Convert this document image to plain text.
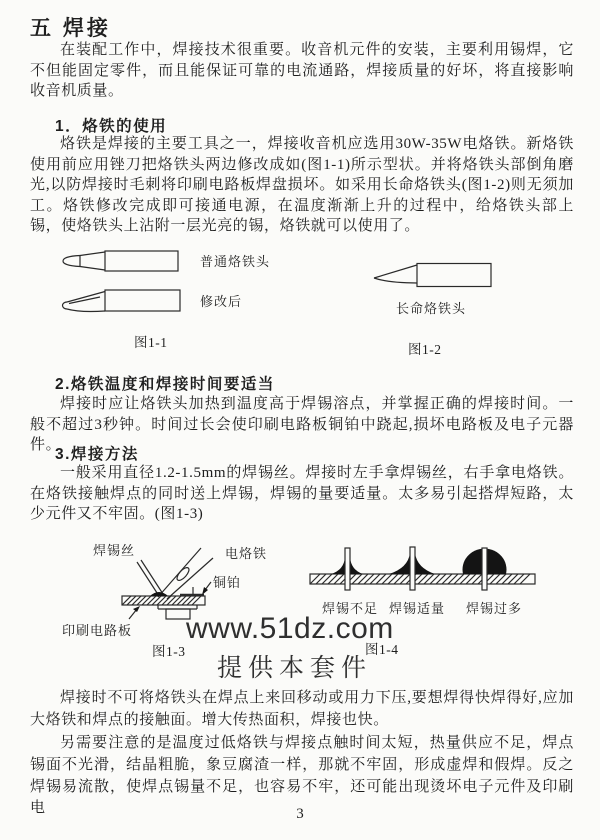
五 焊接
在装配工作中，焊接技术很重要。收音机元件的安装，主要利用锡焊，它不但能固定零件，而且能保证可靠的电流通路，焊接质量的好坏，将直接影响收音机质量。
1．烙铁的使用
烙铁是焊接的主要工具之一，焊接收音机应选用30W-35W电烙铁。新烙铁使用前应用锉刀把烙铁头两边修改成如(图1-1)所示型状。并将烙铁头部倒角磨光,以防焊接时毛刺将印刷电路板焊盘损坏。如采用长命烙铁头(图1-2)则无须加工。烙铁修改完成即可接通电源，在温度渐渐上升的过程中，给烙铁头部上锡，使烙铁头上沾附一层光亮的锡，烙铁就可以使用了。
普通烙铁头
修改后
图1-1
长命烙铁头
图1-2
2.烙铁温度和焊接时间要适当
焊接时应让烙铁头加热到温度高于焊锡溶点，并掌握正确的焊接时间。一般不超过3秒钟。时间过长会使印刷电路板铜铂中跷起,损坏电路板及电子元器件。
3.焊接方法
一般采用直径1.2-1.5mm的焊锡丝。焊接时左手拿焊锡丝，右手拿电烙铁。在烙铁接触焊点的同时送上焊锡，焊锡的量要适量。太多易引起搭焊短路，太少元件又不牢固。(图1-3)
焊锡丝	电烙铁
铜铂
印刷电路板
图1-3
焊锡不足 焊锡适量 焊锡过多
图1-4
www.51dz.com
提供本套件
焊接时不可将烙铁头在焊点上来回移动或用力下压,要想焊得快焊得好,应加大烙铁和焊点的接触面。增大传热面积，焊接也快。
另需要注意的是温度过低烙铁与焊接点触时间太短，热量供应不足，焊点锡面不光滑，结晶粗脆，象豆腐渣一样，那就不牢固，形成虚焊和假焊。反之焊锡易流散，使焊点锡量不足，也容易不牢，还可能出现烫坏电子元件及印刷电	3
